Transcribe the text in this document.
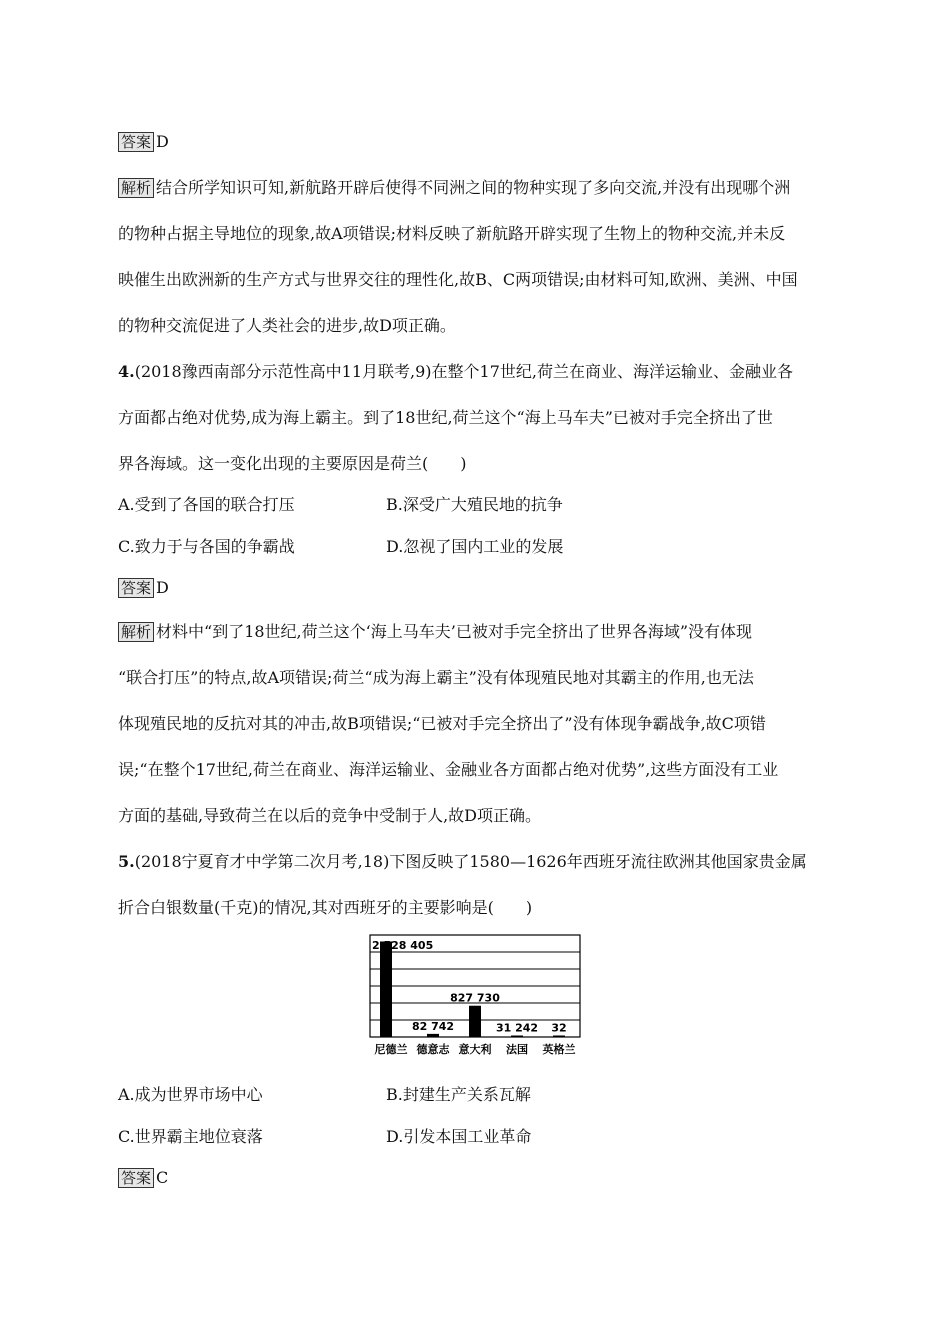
答案 D
解析 结合所学知识可知,新航路开辟后使得不同洲之间的物种实现了多向交流,并没有出现哪个洲
的物种占据主导地位的现象,故A项错误;材料反映了新航路开辟实现了生物上的物种交流,并未反
映催生出欧洲新的生产方式与世界交往的理性化,故B、C两项错误;由材料可知,欧洲、美洲、中国
的物种交流促进了人类社会的进步,故D项正确。
4.(2018豫西南部分示范性高中11月联考,9)在整个17世纪,荷兰在商业、海洋运输业、金融业各
方面都占绝对优势,成为海上霸主。到了18世纪,荷兰这个“海上马车夫”已被对手完全挤出了世
界各海域。这一变化出现的主要原因是荷兰(　　)
A.受到了各国的联合打压	B.深受广大殖民地的抗争
C.致力于与各国的争霸战	D.忽视了国内工业的发展
答案 D
解析 材料中“到了18世纪,荷兰这个‘海上马车夫’已被对手完全挤出了世界各海域”没有体现
“联合打压”的特点,故A项错误;荷兰“成为海上霸主”没有体现殖民地对其霸主的作用,也无法
体现殖民地的反抗对其的冲击,故B项错误;“已被对手完全挤出了”没有体现争霸战争,故C项错
误;“在整个17世纪,荷兰在商业、海洋运输业、金融业各方面都占绝对优势”,这些方面没有工业
方面的基础,导致荷兰在以后的竞争中受制于人,故D项正确。
5.(2018宁夏育才中学第二次月考,18)下图反映了1580—1626年西班牙流往欧洲其他国家贵金属
折合白银数量(千克)的情况,其对西班牙的主要影响是(　　)
2 528 405
尼德兰
82 742
德意志
827 730
意大利
31 242
法国
32
英格兰
A.成为世界市场中心	B.封建生产关系瓦解
C.世界霸主地位衰落	D.引发本国工业革命
答案 C
